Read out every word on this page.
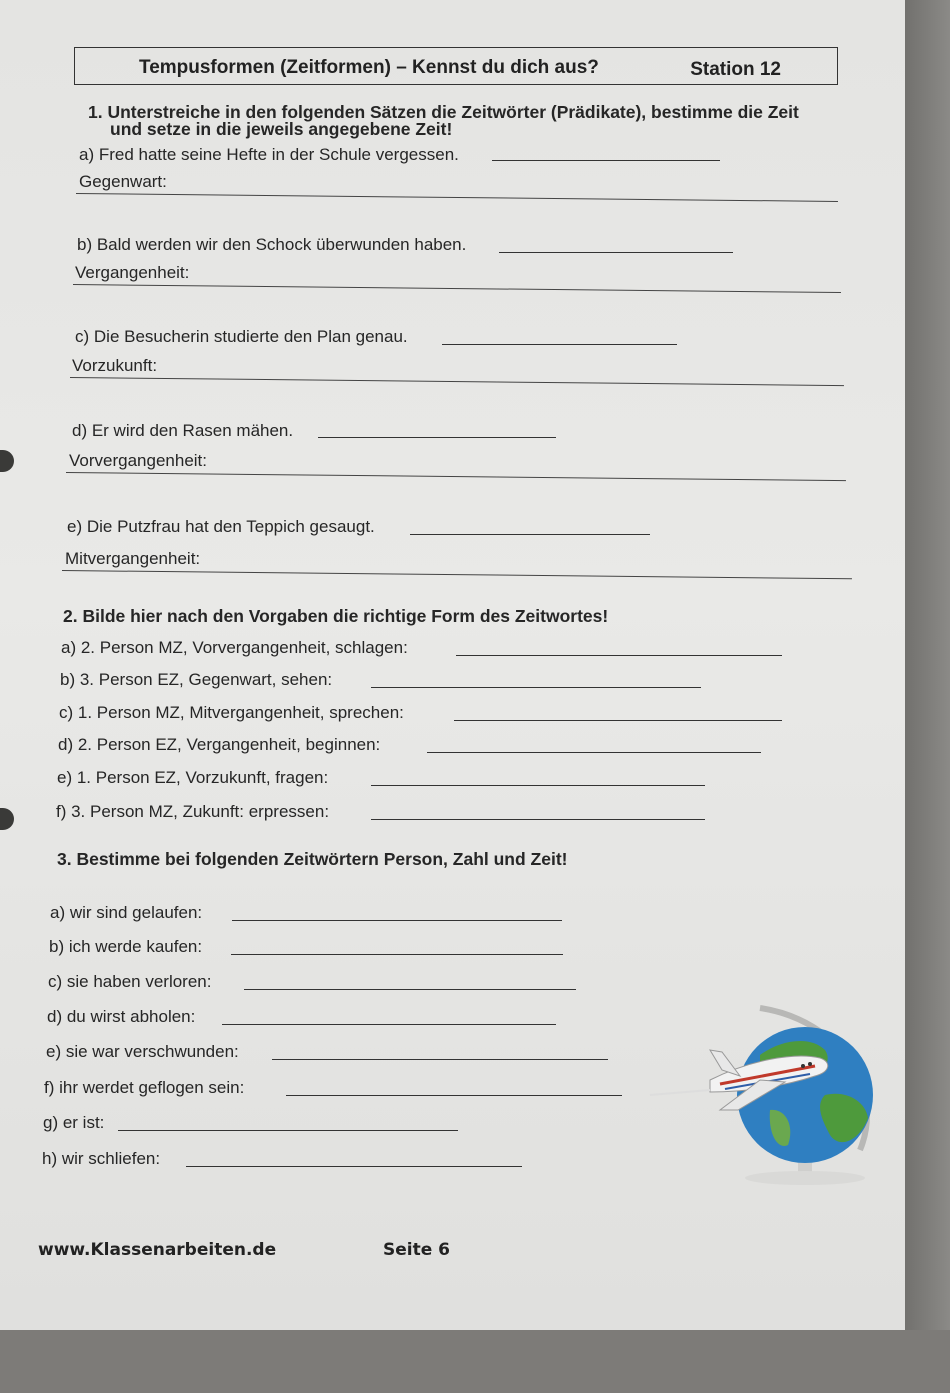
Tempusformen (Zeitformen) – Kennst du dich aus?	Station 12
1. Unterstreiche in den folgenden Sätzen die Zeitwörter (Prädikate), bestimme die Zeit
und setze in die jeweils angegebene Zeit!
a) Fred hatte seine Hefte in der Schule vergessen.
Gegenwart:
b) Bald werden wir den Schock überwunden haben.
Vergangenheit:
c) Die Besucherin studierte den Plan genau.
Vorzukunft:
d) Er wird den Rasen mähen.
Vorvergangenheit:
e) Die Putzfrau hat den Teppich gesaugt.
Mitvergangenheit:
2. Bilde hier nach den Vorgaben die richtige Form des Zeitwortes!
a) 2. Person MZ, Vorvergangenheit, schlagen:
b) 3. Person EZ, Gegenwart, sehen:
c) 1. Person MZ, Mitvergangenheit, sprechen:
d) 2. Person EZ, Vergangenheit, beginnen:
e) 1. Person EZ, Vorzukunft, fragen:
f) 3. Person MZ, Zukunft: erpressen:
3. Bestimme bei folgenden Zeitwörtern Person, Zahl und Zeit!
a) wir sind gelaufen:
b) ich werde kaufen:
c) sie haben verloren:
d) du wirst abholen:
e) sie war verschwunden:
f) ihr werdet geflogen sein:
g) er ist:
h) wir schliefen:
www.Klassenarbeiten.de	Seite 6
